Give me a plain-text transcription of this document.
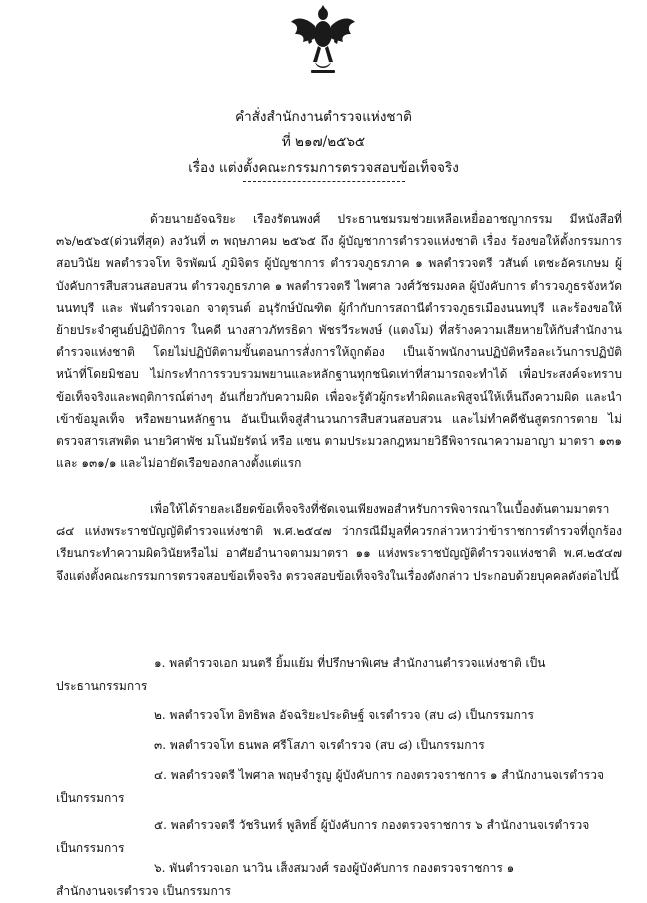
คำสั่งสำนักงานตำรวจแห่งชาติ
ที่ ๒๑๗/๒๕๖๕
เรื่อง แต่งตั้งคณะกรรมการตรวจสอบข้อเท็จจริง

ด้วยนายอัจฉริยะ เรืองรัตนพงศ์ ประธานชมรมช่วยเหลือเหยื่ออาชญากรรม มีหนังสือที่ ๓๖/๒๕๖๕(ด่วนที่สุด) ลงวันที่ ๓ พฤษภาคม ๒๕๖๕ ถึง ผู้บัญชาการตำรวจแห่งชาติ เรื่อง ร้องขอให้ตั้งกรรมการสอบวินัย พลตำรวจโท จิรพัฒน์ ภูมิจิตร ผู้บัญชาการ ตำรวจภูธรภาค ๑ พลตำรวจตรี วสันต์ เตชะอัครเกษม ผู้บังคับการสืบสวนสอบสวน ตำรวจภูธรภาค ๑ พลตำรวจตรี ไพศาล วงศ์วัชรมงคล ผู้บังคับการ ตำรวจภูธรจังหวัดนนทบุรี และ พันตำรวจเอก จาตุรนต์ อนุรักษ์บัณฑิต ผู้กำกับการสถานีตำรวจภูธรเมืองนนทบุรี และร้องขอให้ย้ายประจำศูนย์ปฏิบัติการ ในคดี นางสาวภัทรธิดา พัชรวีระพงษ์ (แตงโม) ที่สร้างความเสียหายให้กับสำนักงานตำรวจแห่งชาติ โดยไม่ปฏิบัติตามขั้นตอนการสั่งการให้ถูกต้อง เป็นเจ้าพนักงานปฏิบัติหรือละเว้นการปฏิบัติหน้าที่โดยมิชอบ ไม่กระทำการรวบรวมพยานและหลักฐานทุกชนิดเท่าที่สามารถจะทำได้ เพื่อประสงค์จะทราบข้อเท็จจริงและพฤติการณ์ต่างๆ อันเกี่ยวกับความผิด เพื่อจะรู้ตัวผู้กระทำผิดและพิสูจน์ให้เห็นถึงความผิด และนำเข้าข้อมูลเท็จ หรือพยานหลักฐาน อันเป็นเท็จสู่สำนวนการสืบสวนสอบสวน และไม่ทำคดีชันสูตรการตาย ไม่ตรวจสารเสพติด นายวิศาพัช มโนมัยรัตน์ หรือ แซน ตามประมวลกฎหมายวิธีพิจารณาความอาญา มาตรา ๑๓๑ และ ๑๓๑/๑ และไม่อายัดเรือของกลางตั้งแต่แรก

เพื่อให้ได้รายละเอียดข้อเท็จจริงที่ชัดเจนเพียงพอสำหรับการพิจารณาในเบื้องต้นตามมาตรา ๘๔ แห่งพระราชบัญญัติตำรวจแห่งชาติ พ.ศ.๒๕๔๗ ว่ากรณีมีมูลที่ควรกล่าวหาว่าข้าราชการตำรวจที่ถูกร้องเรียนกระทำความผิดวินัยหรือไม่ อาศัยอำนาจตามมาตรา ๑๑ แห่งพระราชบัญญัติตำรวจแห่งชาติ พ.ศ.๒๕๔๗ จึงแต่งตั้งคณะกรรมการตรวจสอบข้อเท็จจริง ตรวจสอบข้อเท็จจริงในเรื่องดังกล่าว ประกอบด้วยบุคคลดังต่อไปนี้

๑. พลตำรวจเอก มนตรี ยิ้มแย้ม ที่ปรึกษาพิเศษ สำนักงานตำรวจแห่งชาติ เป็น
ประธานกรรมการ
๒. พลตำรวจโท อิทธิพล อัจฉริยะประดิษฐ์ จเรตำรวจ (สบ ๘) เป็นกรรมการ
๓. พลตำรวจโท ธนพล ศรีโสภา จเรตำรวจ (สบ ๘) เป็นกรรมการ
๔. พลตำรวจตรี ไพศาล พฤษจำรูญ ผู้บังคับการ กองตรวจราชการ ๑ สำนักงานจเรตำรวจ
เป็นกรรมการ
๕. พลตำรวจตรี วัชรินทร์ พูลิทธิ์ ผู้บังคับการ กองตรวจราชการ ๖ สำนักงานจเรตำรวจ
เป็นกรรมการ
๖. พันตำรวจเอก นาวิน เส็งสมวงศ์ รองผู้บังคับการ กองตรวจราชการ ๑
สำนักงานจเรตำรวจ เป็นกรรมการ
